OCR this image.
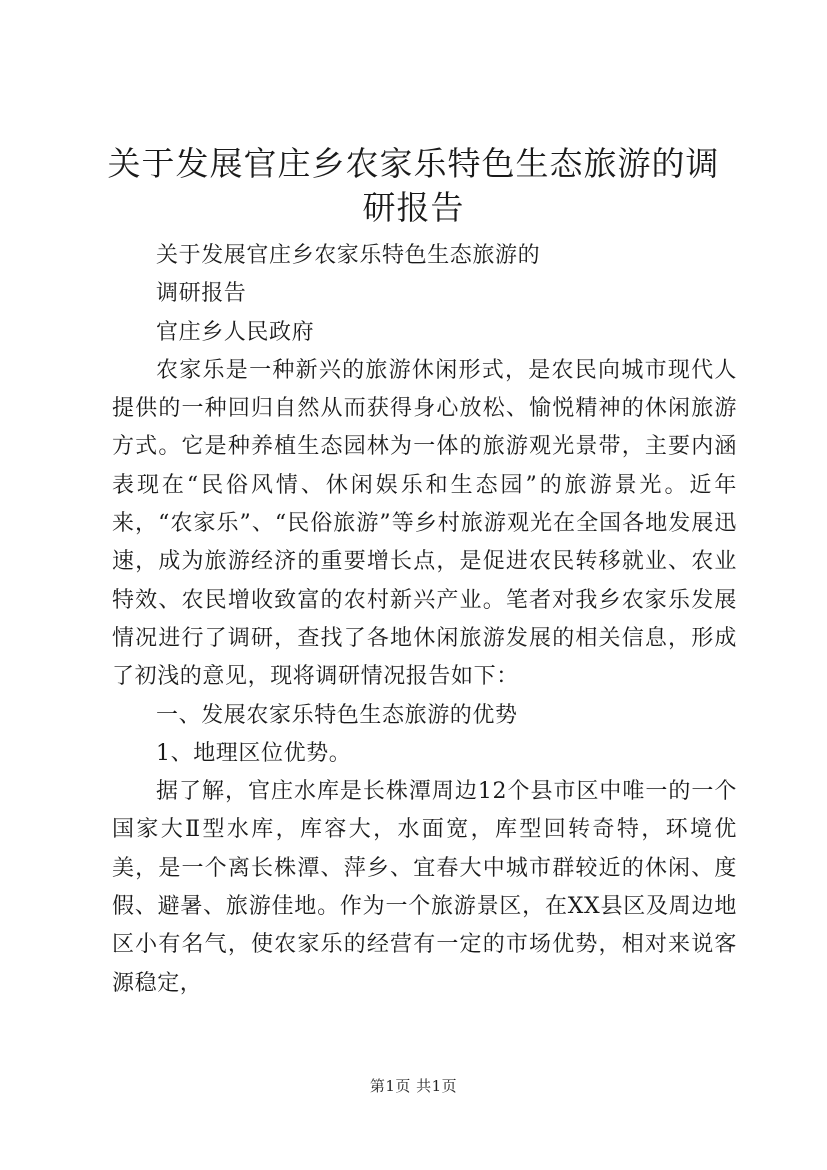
关于发展官庄乡农家乐特色生态旅游的调研报告

关于发展官庄乡农家乐特色生态旅游的

调研报告

官庄乡人民政府

农家乐是一种新兴的旅游休闲形式，是农民向城市现代人提供的一种回归自然从而获得身心放松、愉悦精神的休闲旅游方式。它是种养植生态园林为一体的旅游观光景带，主要内涵表现在“民俗风情、休闲娱乐和生态园”的旅游景光。近年来，“农家乐”、“民俗旅游”等乡村旅游观光在全国各地发展迅速，成为旅游经济的重要增长点，是促进农民转移就业、农业特效、农民增收致富的农村新兴产业。笔者对我乡农家乐发展情况进行了调研，查找了各地休闲旅游发展的相关信息，形成了初浅的意见，现将调研情况报告如下：

一、发展农家乐特色生态旅游的优势

1、地理区位优势。

据了解，官庄水库是长株潭周边12个县市区中唯一的一个国家大Ⅱ型水库，库容大，水面宽，库型回转奇特，环境优美，是一个离长株潭、萍乡、宜春大中城市群较近的休闲、度假、避暑、旅游佳地。作为一个旅游景区，在XX县区及周边地区小有名气，使农家乐的经营有一定的市场优势，相对来说客源稳定，

第1页 共1页
